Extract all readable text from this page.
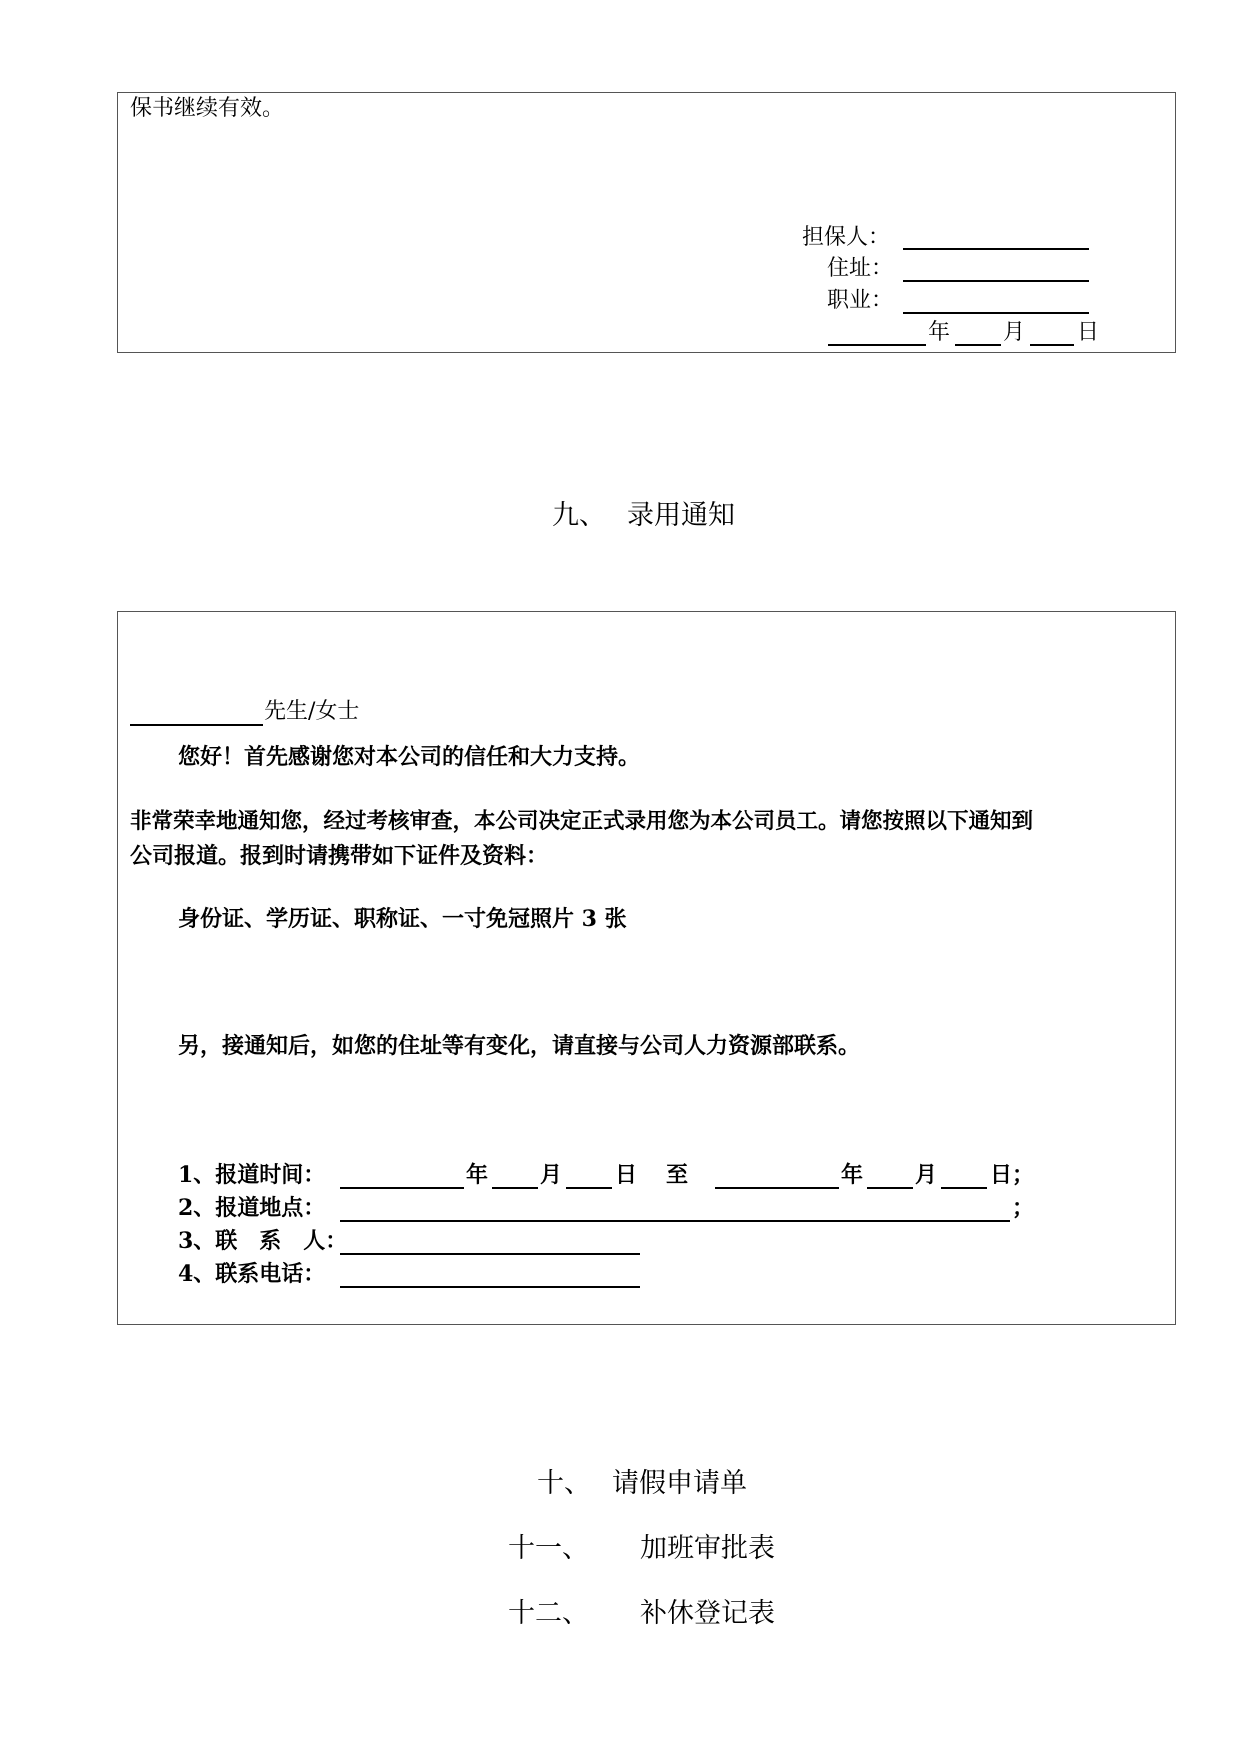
保书继续有效。
担保人：
住址：
职业：
年 月 日
九、 录用通知
先生/女士
您好！首先感谢您对本公司的信任和大力支持。
非常荣幸地通知您，经过考核审查，本公司决定正式录用您为本公司员工。请您按照以下通知到
公司报道。报到时请携带如下证件及资料：
身份证、学历证、职称证、一寸免冠照片 3 张
另，接通知后，如您的住址等有变化，请直接与公司人力资源部联系。
1、报道时间：	年 月 日 至	年 月 日；
2、报道地点：	；
3、联　系　人：
4、联系电话：
十、 请假申请单
十一、 加班审批表
十二、 补休登记表
